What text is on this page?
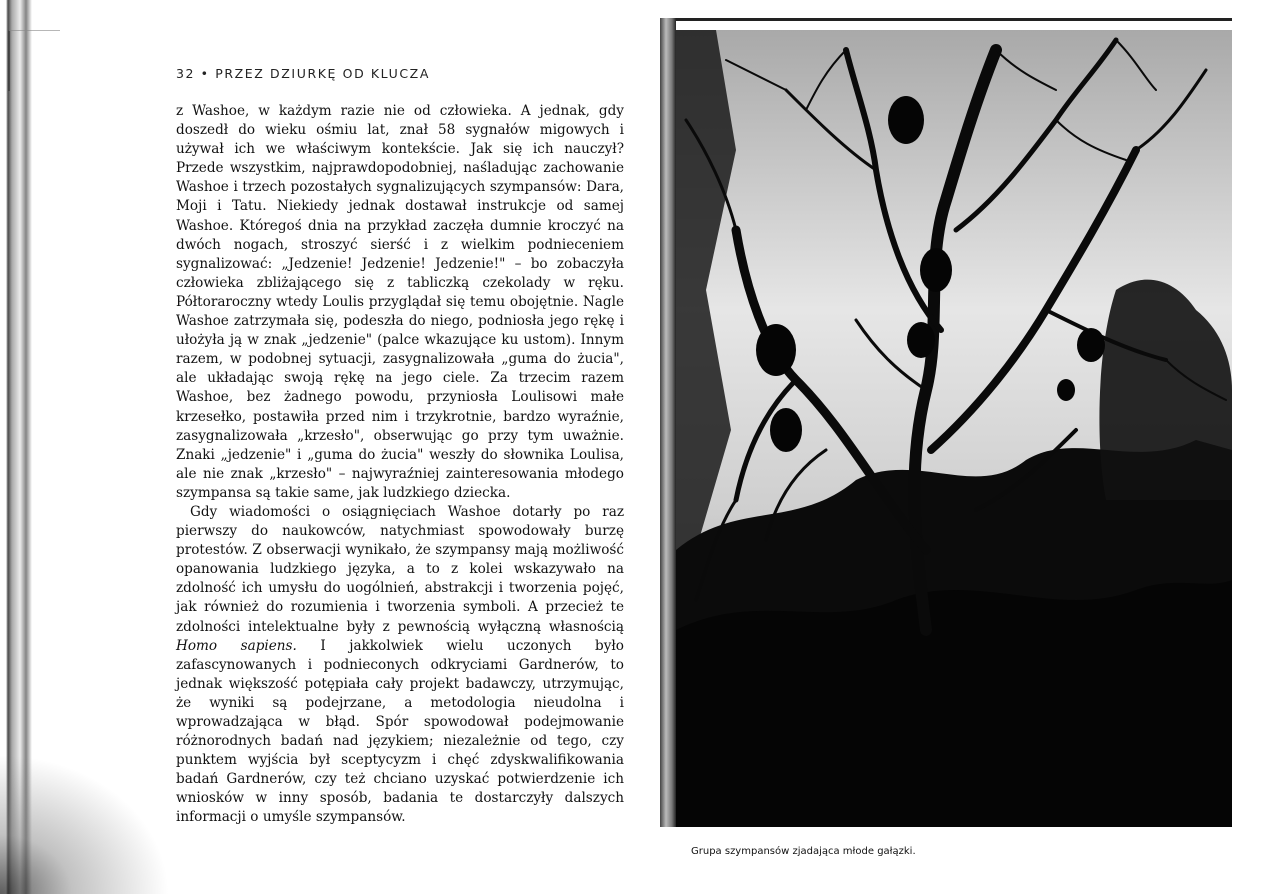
32 • PRZEZ DZIURKĘ OD KLUCZA

z Washoe, w każdym razie nie od człowieka. A jednak, gdy doszedł do wieku ośmiu lat, znał 58 sygnałów migowych i używał ich we właściwym kontekście. Jak się ich nauczył? Przede wszystkim, najprawdopodobniej, naśladując zachowanie Washoe i trzech pozostałych sygnalizujących szympansów: Dara, Moji i Tatu. Niekiedy jednak dostawał instrukcje od samej Washoe. Któregoś dnia na przykład zaczęła dumnie kroczyć na dwóch nogach, stroszyć sierść i z wielkim podnieceniem sygnalizować: „Jedzenie! Jedzenie! Jedzenie!" – bo zobaczyła człowieka zbliżającego się z tabliczką czekolady w ręku. Półtoraroczny wtedy Loulis przyglądał się temu obojętnie. Nagle Washoe zatrzymała się, podeszła do niego, podniosła jego rękę i ułożyła ją w znak „jedzenie" (palce wkazujące ku ustom). Innym razem, w podobnej sytuacji, zasygnalizowała „guma do żucia", ale układając swoją rękę na jego ciele. Za trzecim razem Washoe, bez żadnego powodu, przyniosła Loulisowi małe krzesełko, postawiła przed nim i trzykrotnie, bardzo wyraźnie, zasygnalizowała „krzesło", obserwując go przy tym uważnie. Znaki „jedzenie" i „guma do żucia" weszły do słownika Loulisa, ale nie znak „krzesło" – najwyraźniej zainteresowania młodego szympansa są takie same, jak ludzkiego dziecka.

Gdy wiadomości o osiągnięciach Washoe dotarły po raz pierwszy do naukowców, natychmiast spowodowały burzę protestów. Z obserwacji wynikało, że szympansy mają możliwość opanowania ludzkiego języka, a to z kolei wskazywało na zdolność ich umysłu do uogólnień, abstrakcji i tworzenia pojęć, jak również do rozumienia i tworzenia symboli. A przecież te zdolności intelektualne były z pewnością wyłączną własnością Homo sapiens. I jakkolwiek wielu uczonych było zafascynowanych i podnieconych odkryciami Gardnerów, to jednak większość potępiała cały projekt badawczy, utrzymując, że wyniki są podejrzane, a metodologia nieudolna i wprowadzająca w błąd. Spór spowodował podejmowanie różnorodnych badań nad językiem; niezależnie od tego, czy punktem wyjścia był sceptycyzm i chęć zdyskwalifikowania badań Gardnerów, czy też chciano uzyskać potwierdzenie ich wniosków w inny sposób, badania te dostarczyły dalszych informacji o umyśle szympansów.

Grupa szympansów zjadająca młode gałązki.
